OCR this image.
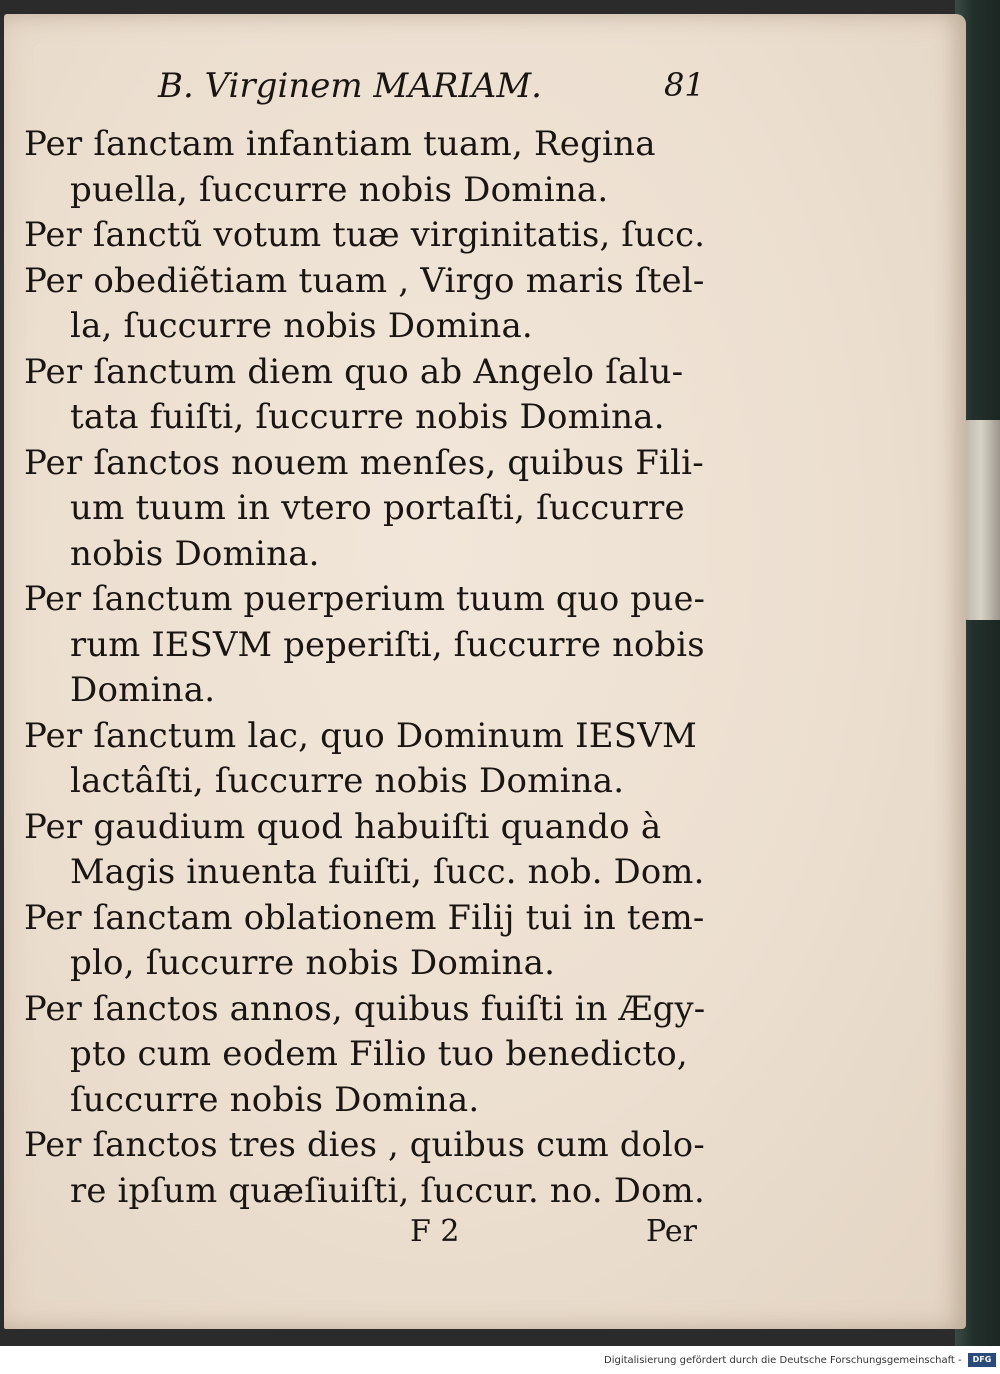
B. Virginem MARIAM.	81
Per ſanctam infantiam tuam, Regina
puella, ſuccurre nobis Domina.
Per ſanctũ votum tuæ virginitatis, ſucc.
Per obediẽtiam tuam , Virgo maris ſtel-
la, ſuccurre nobis Domina.
Per ſanctum diem quo ab Angelo ſalu-
tata fuiſti, ſuccurre nobis Domina.
Per ſanctos nouem menſes, quibus Fili-
um tuum in vtero portaſti, ſuccurre
nobis Domina.
Per ſanctum puerperium tuum quo pue-
rum IESVM peperiſti, ſuccurre nobis
Domina.
Per ſanctum lac, quo Dominum IESVM
lactâſti, ſuccurre nobis Domina.
Per gaudium quod habuiſti quando à
Magis inuenta fuiſti, ſucc. nob. Dom.
Per ſanctam oblationem Filij tui in tem-
plo, ſuccurre nobis Domina.
Per ſanctos annos, quibus fuiſti in Ægy-
pto cum eodem Filio tuo benedicto,
ſuccurre nobis Domina.
Per ſanctos tres dies , quibus cum dolo-
re ipſum quæſiuiſti, ſuccur. no. Dom.
F 2	Per
Digitalisierung gefördert durch die Deutsche Forschungsgemeinschaft -	DFG
